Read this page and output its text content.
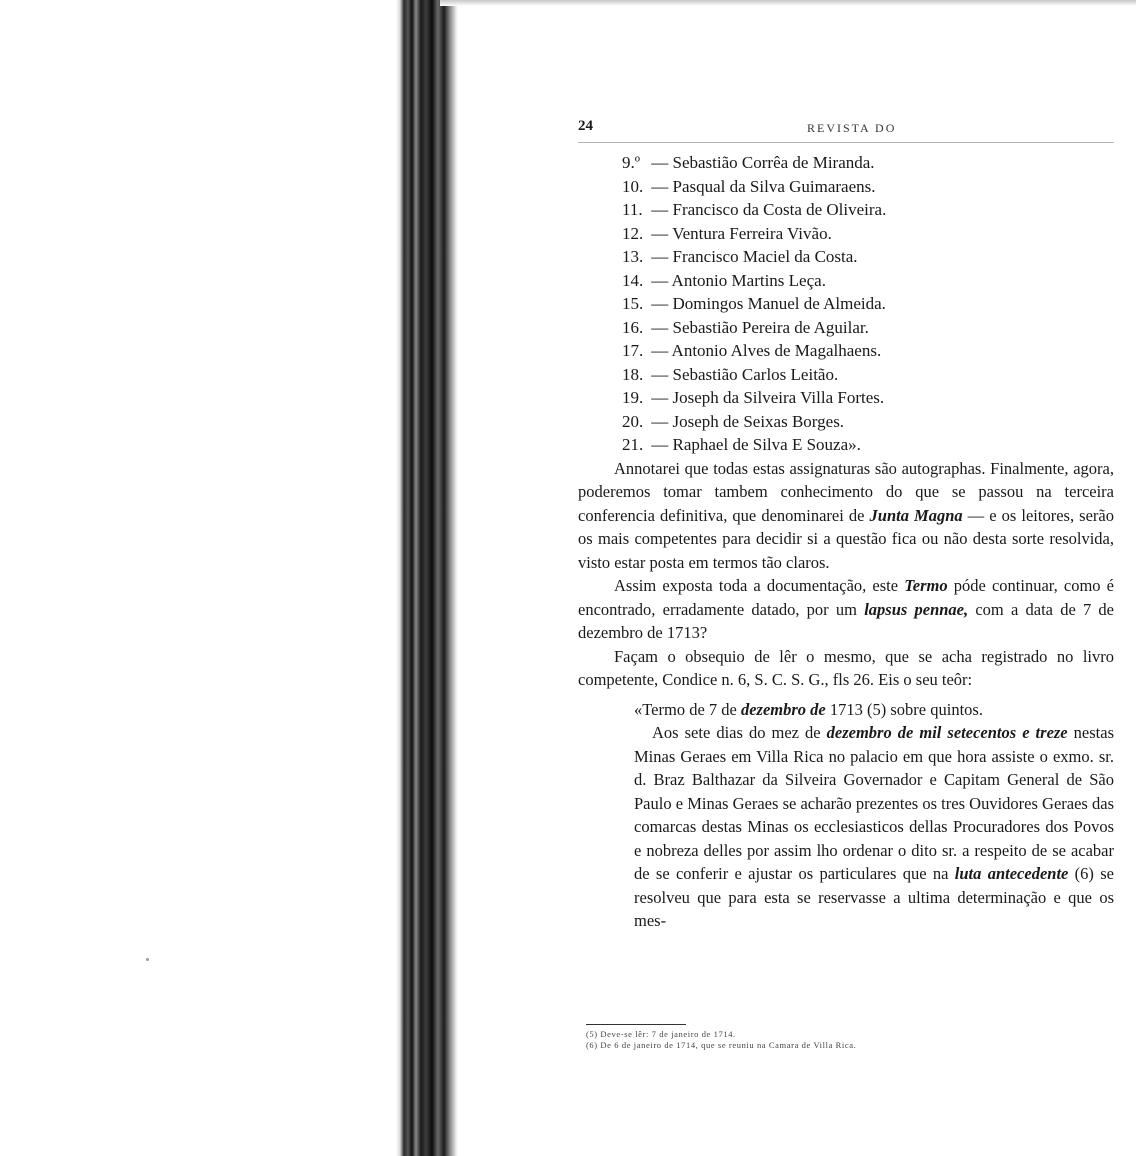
24	REVISTA DO
9.º — Sebastião Corrêa de Miranda.
10. — Pasqual da Silva Guimaraens.
11. — Francisco da Costa de Oliveira.
12. — Ventura Ferreira Vivão.
13. — Francisco Maciel da Costa.
14. — Antonio Martins Leça.
15. — Domingos Manuel de Almeida.
16. — Sebastião Pereira de Aguilar.
17. — Antonio Alves de Magalhaens.
18. — Sebastião Carlos Leitão.
19. — Joseph da Silveira Villa Fortes.
20. — Joseph de Seixas Borges.
21. — Raphael de Silva E Souza».

Annotarei que todas estas assignaturas são autographas. Finalmente, agora, poderemos tomar tambem conhecimento do que se passou na terceira conferencia definitiva, que denominarei de Junta Magna — e os leitores, serão os mais competentes para decidir si a questão fica ou não desta sorte resolvida, visto estar posta em termos tão claros.

Assim exposta toda a documentação, este Termo póde continuar, como é encontrado, erradamente datado, por um lapsus pennae, com a data de 7 de dezembro de 1713?

Façam o obsequio de lêr o mesmo, que se acha registrado no livro competente, Condice n. 6, S. C. S. G., fls 26. Eis o seu teôr:

«Termo de 7 de dezembro de 1713 (5) sobre quintos.

Aos sete dias do mez de dezembro de mil setecentos e treze nestas Minas Geraes em Villa Rica no palacio em que hora assiste o exmo. sr. d. Braz Balthazar da Silveira Governador e Capitam General de São Paulo e Minas Geraes se acharão prezentes os tres Ouvidores Geraes das comarcas destas Minas os ecclesiasticos dellas Procuradores dos Povos e nobreza delles por assim lho ordenar o dito sr. a respeito de se acabar de se conferir e ajustar os particulares que na luta antecedente (6) se resolveu que para esta se reservasse a ultima determinação e que os mes-

(5) Deve-se lêr: 7 de janeiro de 1714.
(6) De 6 de janeiro de 1714, que se reuniu na Camara de Villa Rica.
